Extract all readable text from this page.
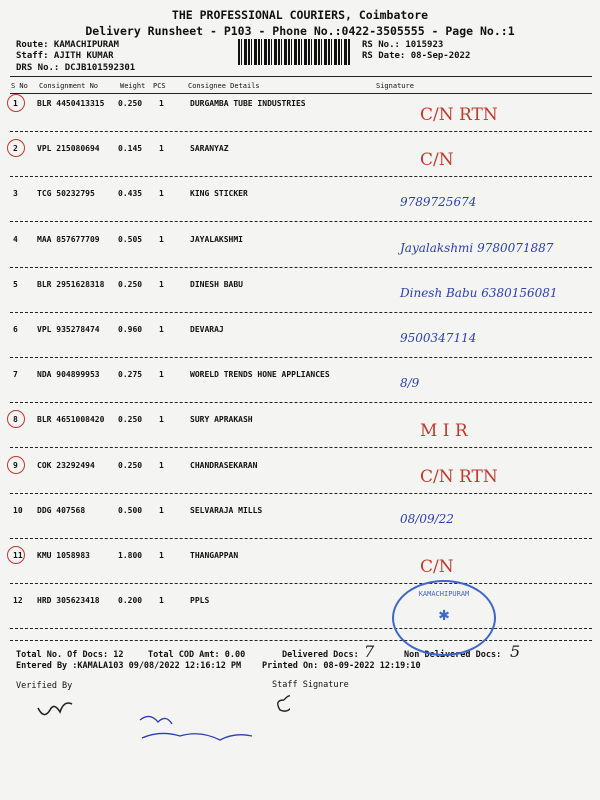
THE PROFESSIONAL COURIERS, Coimbatore
Delivery Runsheet - P103 - Phone No.:0422-3505555 - Page No.:1
Route: KAMACHIPURAM
Staff: AJITH KUMAR
DRS No.: DCJB101592301
RS No.: 1015923
RS Date: 08-Sep-2022
S No Consignment No	Weight PCS	Consignee Details	Signature
1 BLR 4450413315 0.250 1	DURGAMBA TUBE INDUSTRIES
C/N RTN
2 VPL 215080694 0.145 1	SARANYAZ
C/N
3 TCG 50232795	0.435 1	KING STICKER
9789725674
4 MAA 857677709 0.505 1	JAYALAKSHMI
Jayalakshmi 9780071887
5 BLR 2951628318 0.250 1	DINESH BABU
Dinesh Babu 6380156081
6 VPL 935278474 0.960 1	DEVARAJ
9500347114
7 NDA 904899953 0.275 1	WORELD TRENDS HONE APPLIANCES
8/9
8 BLR 4651008420 0.250 1	SURY APRAKASH
M I R
9 COK 23292494	0.250 1	CHANDRASEKARAN
C/N RTN
10 DDG 407568	0.500 1	SELVARAJA MILLS
08/09/22
11 KMU 1058983	1.800 1	THANGAPPAN
C/N
12 HRD 305623418 0.200 1	PPLS
Total No. Of Docs: 12	Total COD Amt: 0.00	Delivered Docs: 7	Non Delivered Docs: 5
Entered By :KAMALA103 09/08/2022 12:16:12 PM Printed On: 08-09-2022 12:19:10
Verified By	Staff Signature
KAMACHIPURAM
✱
